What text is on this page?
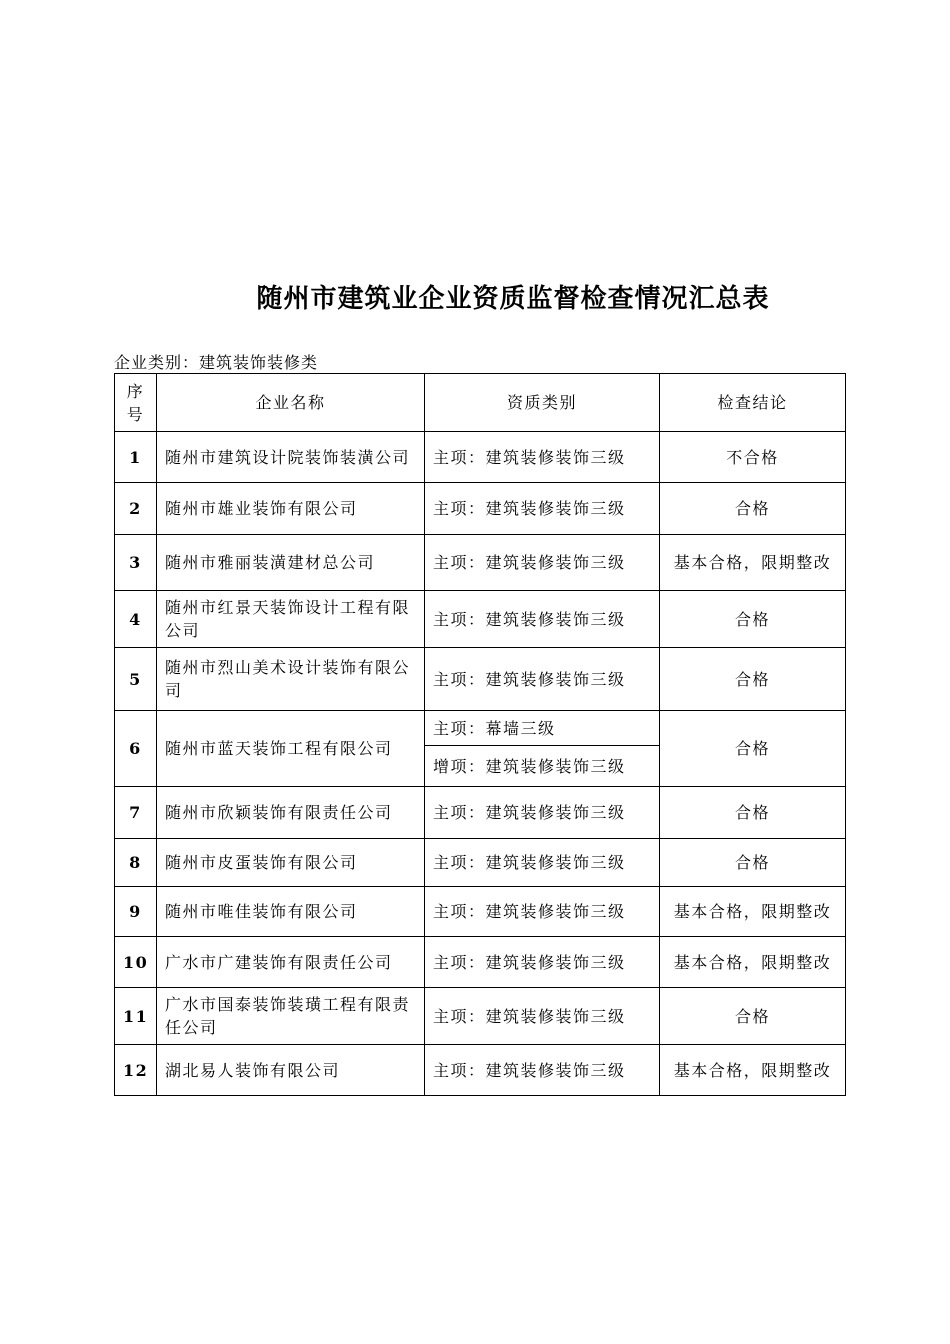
随州市建筑业企业资质监督检查情况汇总表
企业类别：建筑装饰装修类
序号	企业名称	资质类别	检查结论
1	随州市建筑设计院装饰装潢公司	主项：建筑装修装饰三级	不合格
2	随州市雄业装饰有限公司	主项：建筑装修装饰三级	合格
3	随州市雅丽装潢建材总公司	主项：建筑装修装饰三级	基本合格，限期整改
4	随州市红景天装饰设计工程有限公司	主项：建筑装修装饰三级	合格
5	随州市烈山美术设计装饰有限公司	主项：建筑装修装饰三级	合格
6	随州市蓝天装饰工程有限公司	主项：幕墙三级	合格
		增项：建筑装修装饰三级	
7	随州市欣颖装饰有限责任公司	主项：建筑装修装饰三级	合格
8	随州市皮蛋装饰有限公司	主项：建筑装修装饰三级	合格
9	随州市唯佳装饰有限公司	主项：建筑装修装饰三级	基本合格，限期整改
10	广水市广建装饰有限责任公司	主项：建筑装修装饰三级	基本合格，限期整改
11	广水市国泰装饰装璜工程有限责任公司	主项：建筑装修装饰三级	合格
12	湖北易人装饰有限公司	主项：建筑装修装饰三级	基本合格，限期整改
